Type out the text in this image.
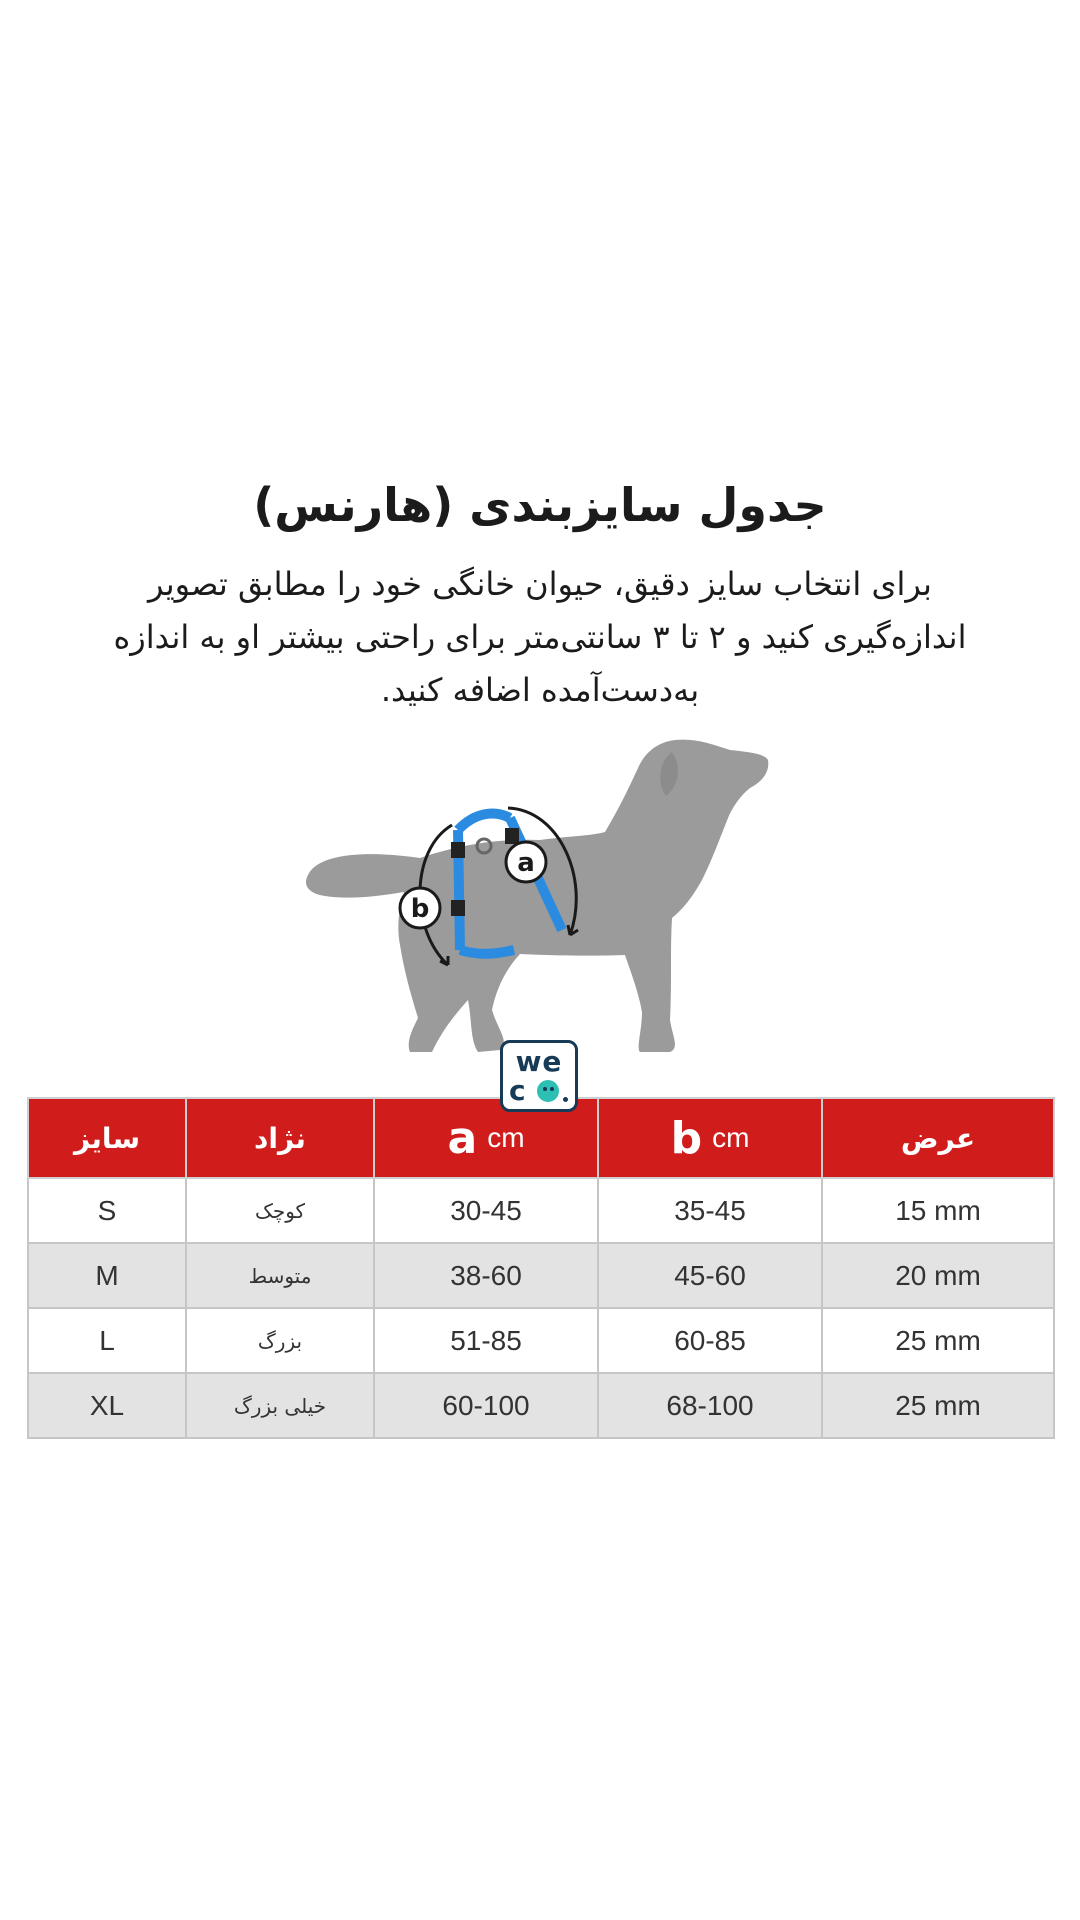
جدول سایزبندی (هارنس)
برای انتخاب سایز دقیق، حیوان خانگی خود را مطابق تصویر
اندازه‌گیری کنید و ۲ تا ۳ سانتی‌متر برای راحتی بیشتر او به اندازه
به‌دست‌آمده اضافه کنید.
a
b
we
c
سایز	نژاد	a cm	b cm	عرض
S	کوچک	30-45	35-45	15 mm
M	متوسط	38-60	45-60	20 mm
L	بزرگ	51-85	60-85	25 mm
XL	خیلی بزرگ	60-100	68-100	25 mm
